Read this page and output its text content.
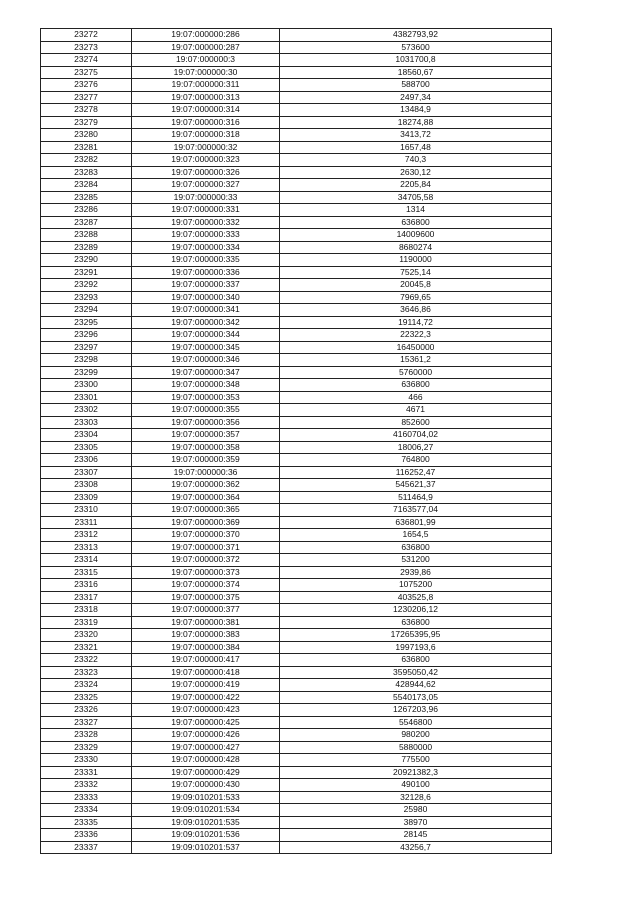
23272	19:07:000000:286	4382793,92
23273	19:07:000000:287	573600
23274	19:07:000000:3	1031700,8
23275	19:07:000000:30	18560,67
23276	19:07:000000:311	588700
23277	19:07:000000:313	2497,34
23278	19:07:000000:314	13484,9
23279	19:07:000000:316	18274,88
23280	19:07:000000:318	3413,72
23281	19:07:000000:32	1657,48
23282	19:07:000000:323	740,3
23283	19:07:000000:326	2630,12
23284	19:07:000000:327	2205,84
23285	19:07:000000:33	34705,58
23286	19:07:000000:331	1314
23287	19:07:000000:332	636800
23288	19:07:000000:333	14009600
23289	19:07:000000:334	8680274
23290	19:07:000000:335	1190000
23291	19:07:000000:336	7525,14
23292	19:07:000000:337	20045,8
23293	19:07:000000:340	7969,65
23294	19:07:000000:341	3646,86
23295	19:07:000000:342	19114,72
23296	19:07:000000:344	22322,3
23297	19:07:000000:345	16450000
23298	19:07:000000:346	15361,2
23299	19:07:000000:347	5760000
23300	19:07:000000:348	636800
23301	19:07:000000:353	466
23302	19:07:000000:355	4671
23303	19:07:000000:356	852600
23304	19:07:000000:357	4160704,02
23305	19:07:000000:358	18006,27
23306	19:07:000000:359	764800
23307	19:07:000000:36	116252,47
23308	19:07:000000:362	545621,37
23309	19:07:000000:364	511464,9
23310	19:07:000000:365	7163577,04
23311	19:07:000000:369	636801,99
23312	19:07:000000:370	1654,5
23313	19:07:000000:371	636800
23314	19:07:000000:372	531200
23315	19:07:000000:373	2939,86
23316	19:07:000000:374	1075200
23317	19:07:000000:375	403525,8
23318	19:07:000000:377	1230206,12
23319	19:07:000000:381	636800
23320	19:07:000000:383	17265395,95
23321	19:07:000000:384	1997193,6
23322	19:07:000000:417	636800
23323	19:07:000000:418	3595050,42
23324	19:07:000000:419	428944,62
23325	19:07:000000:422	5540173,05
23326	19:07:000000:423	1267203,96
23327	19:07:000000:425	5546800
23328	19:07:000000:426	980200
23329	19:07:000000:427	5880000
23330	19:07:000000:428	775500
23331	19:07:000000:429	20921382,3
23332	19:07:000000:430	490100
23333	19:09:010201:533	32128,6
23334	19:09:010201:534	25980
23335	19:09:010201:535	38970
23336	19:09:010201:536	28145
23337	19:09:010201:537	43256,7
